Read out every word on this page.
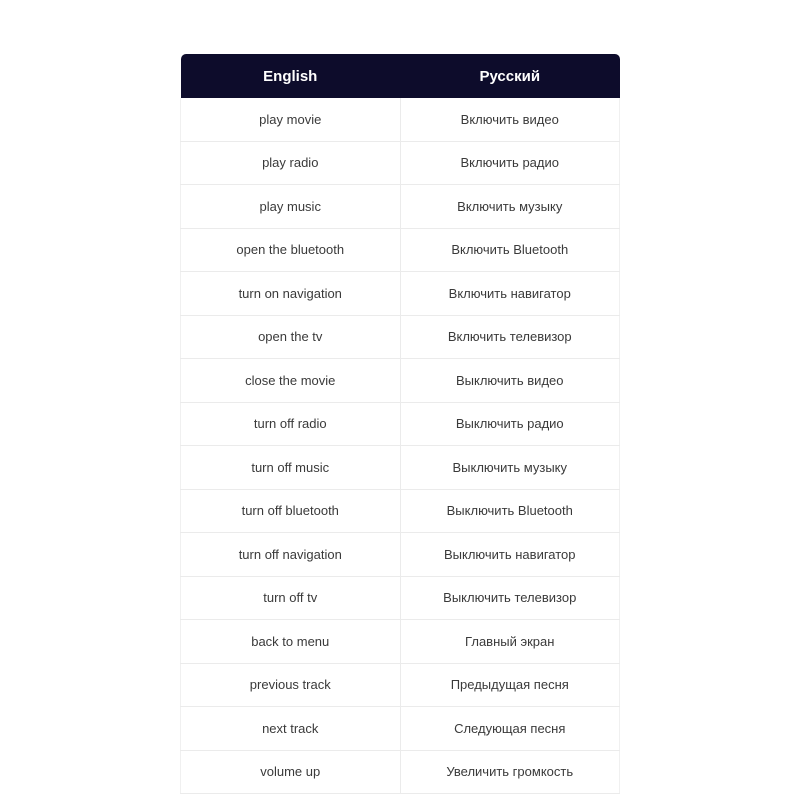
English	Русский
play movie	Включить видео
play radio	Включить радио
play music	Включить музыку
open the bluetooth	Включить Bluetooth
turn on navigation	Включить навигатор
open the tv	Включить телевизор
close the movie	Выключить видео
turn off radio	Выключить радио
turn off music	Выключить музыку
turn off bluetooth	Выключить Bluetooth
turn off navigation	Выключить навигатор
turn off tv	Выключить телевизор
back to menu	Главный экран
previous track	Предыдущая песня
next track	Следующая песня
volume up	Увеличить громкость
